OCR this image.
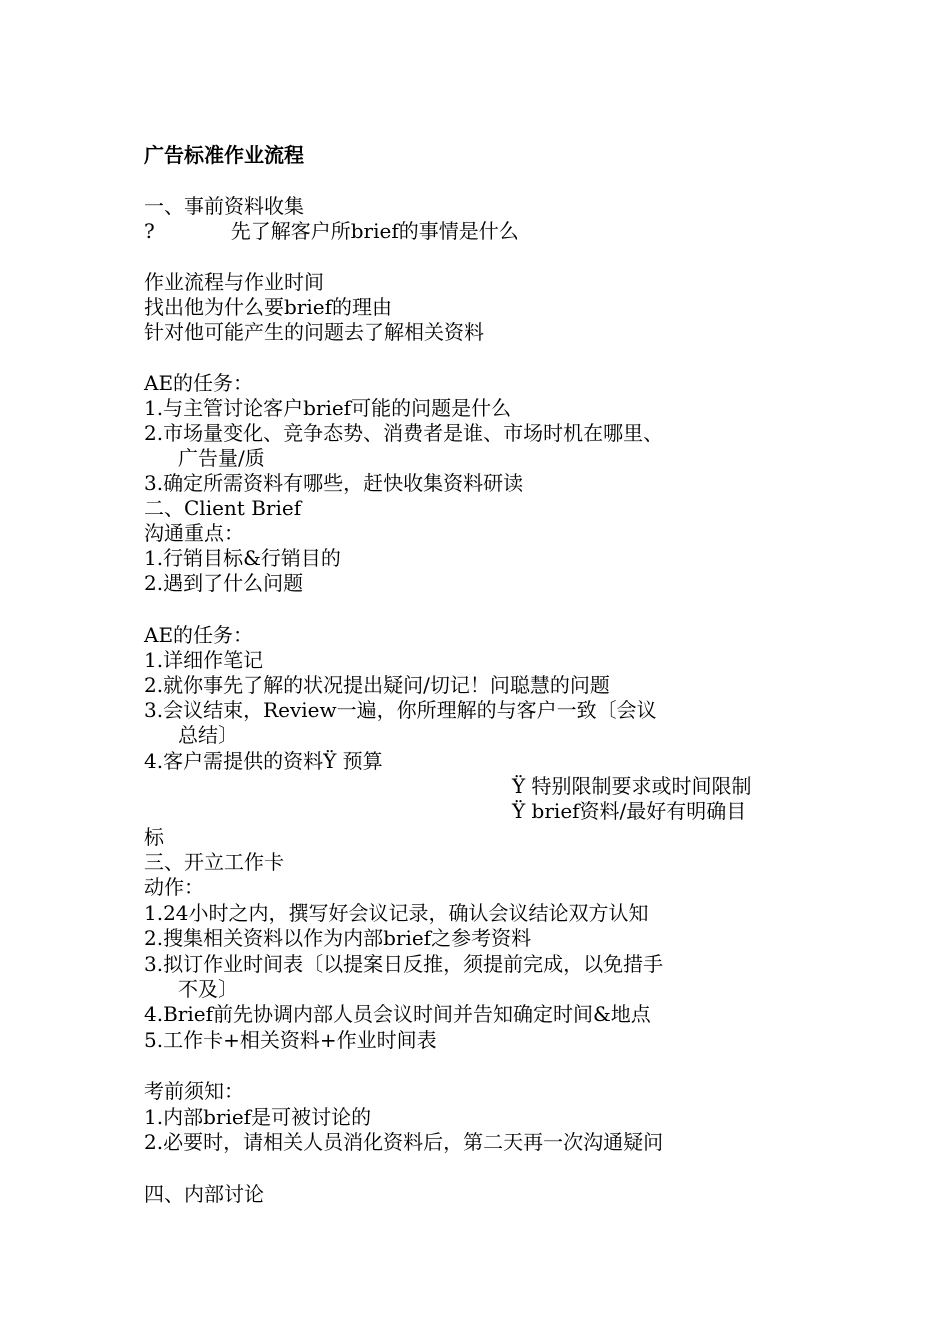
广告标准作业流程
一、事前资料收集
?	先了解客户所brief的事情是什么
作业流程与作业时间
找出他为什么要brief的理由
针对他可能产生的问题去了解相关资料
AE的任务：
1.与主管讨论客户brief可能的问题是什么
2.市场量变化、竞争态势、消费者是谁、市场时机在哪里、
广告量/质
3.确定所需资料有哪些，赶快收集资料研读
二、Client Brief
沟通重点：
1.行销目标&行销目的
2.遇到了什么问题
AE的任务：
1.详细作笔记
2.就你事先了解的状况提出疑问/切记！问聪慧的问题
3.会议结束，Review一遍，你所理解的与客户一致〔会议
总结〕
4.客户需提供的资料Ÿ 预算
Ÿ 特别限制要求或时间限制
Ÿ brief资料/最好有明确目
标
三、开立工作卡
动作：
1.24小时之内，撰写好会议记录，确认会议结论双方认知
2.搜集相关资料以作为内部brief之参考资料
3.拟订作业时间表〔以提案日反推，须提前完成，以免措手
不及〕
4.Brief前先协调内部人员会议时间并告知确定时间&地点
5.工作卡+相关资料+作业时间表
考前须知：
1.内部brief是可被讨论的
2.必要时，请相关人员消化资料后，第二天再一次沟通疑问
四、内部讨论
